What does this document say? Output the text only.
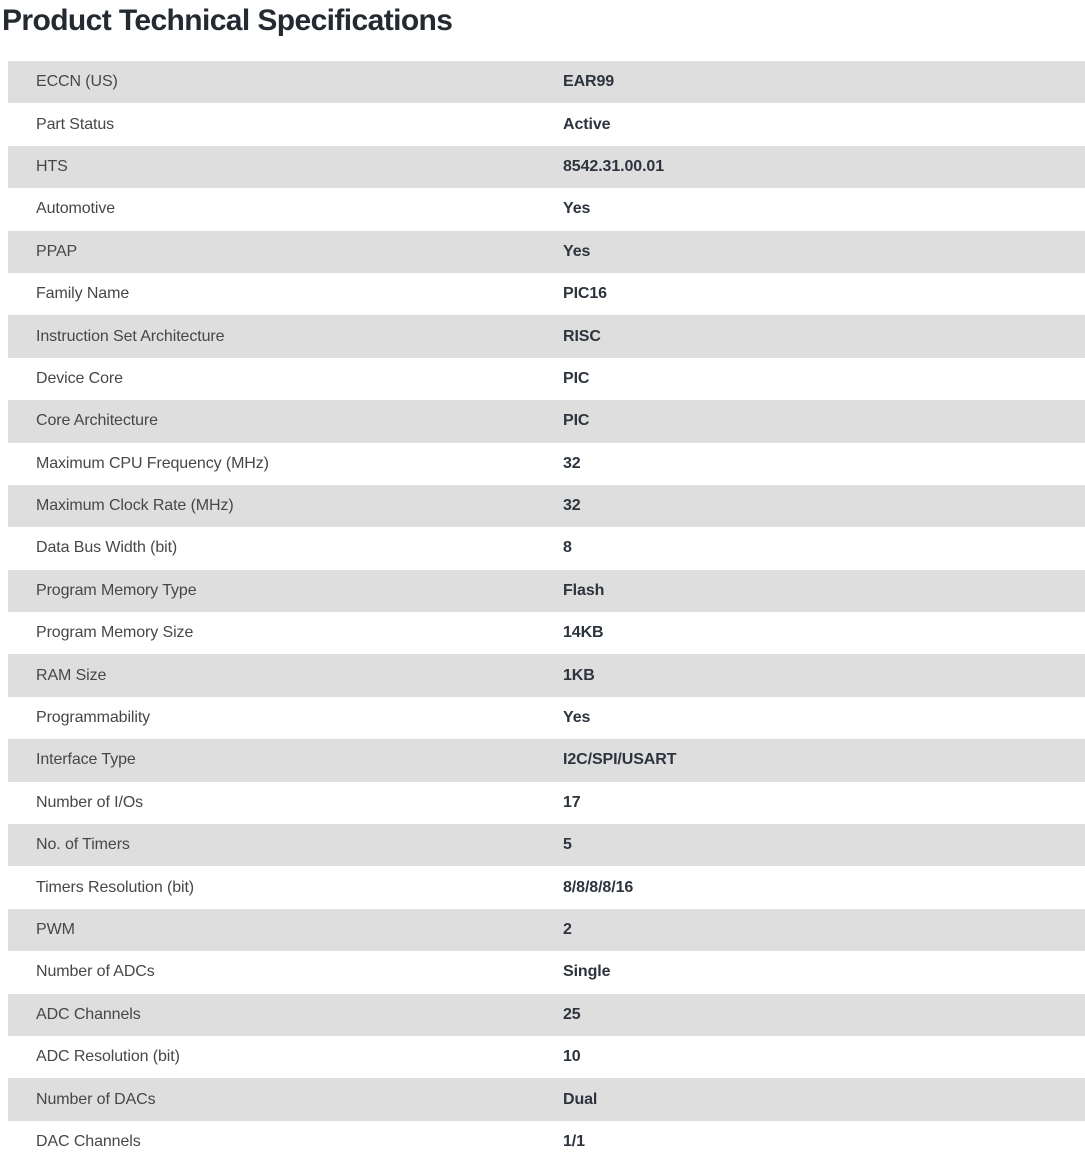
Product Technical Specifications
ECCN (US)	EAR99
Part Status	Active
HTS	8542.31.00.01
Automotive	Yes
PPAP	Yes
Family Name	PIC16
Instruction Set Architecture	RISC
Device Core	PIC
Core Architecture	PIC
Maximum CPU Frequency (MHz)	32
Maximum Clock Rate (MHz)	32
Data Bus Width (bit)	8
Program Memory Type	Flash
Program Memory Size	14KB
RAM Size	1KB
Programmability	Yes
Interface Type	I2C/SPI/USART
Number of I/Os	17
No. of Timers	5
Timers Resolution (bit)	8/8/8/8/16
PWM	2
Number of ADCs	Single
ADC Channels	25
ADC Resolution (bit)	10
Number of DACs	Dual
DAC Channels	1/1
